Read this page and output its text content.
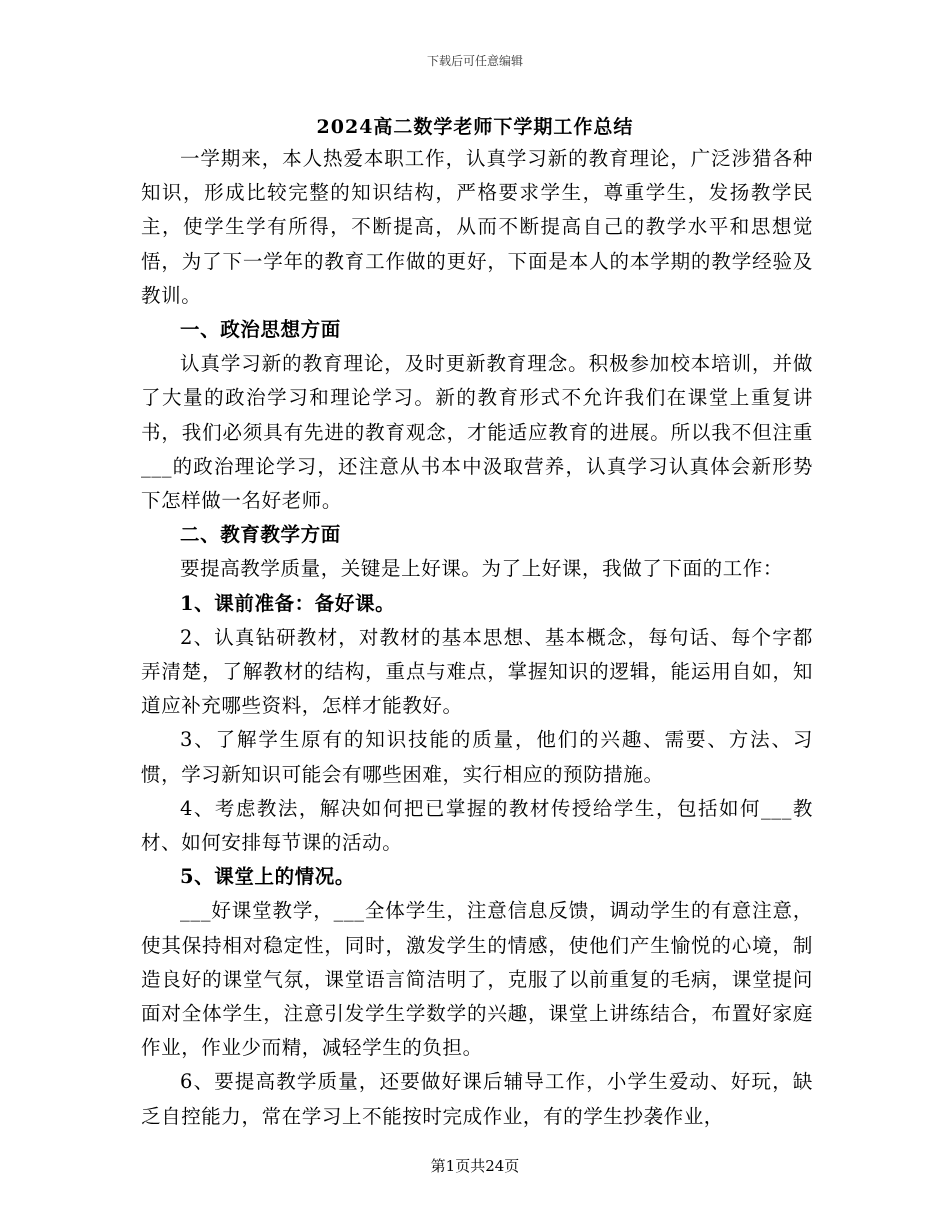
下载后可任意编辑
2024高二数学老师下学期工作总结

一学期来，本人热爱本职工作，认真学习新的教育理论，广泛涉猎各种知识，形成比较完整的知识结构，严格要求学生，尊重学生，发扬教学民主，使学生学有所得，不断提高，从而不断提高自己的教学水平和思想觉悟，为了下一学年的教育工作做的更好，下面是本人的本学期的教学经验及教训。

一、政治思想方面

认真学习新的教育理论，及时更新教育理念。积极参加校本培训，并做了大量的政治学习和理论学习。新的教育形式不允许我们在课堂上重复讲书，我们必须具有先进的教育观念，才能适应教育的进展。所以我不但注重___的政治理论学习，还注意从书本中汲取营养，认真学习认真体会新形势下怎样做一名好老师。

二、教育教学方面

要提高教学质量，关键是上好课。为了上好课，我做了下面的工作：

1、课前准备：备好课。

2、认真钻研教材，对教材的基本思想、基本概念，每句话、每个字都弄清楚，了解教材的结构，重点与难点，掌握知识的逻辑，能运用自如，知道应补充哪些资料，怎样才能教好。

3、了解学生原有的知识技能的质量，他们的兴趣、需要、方法、习惯，学习新知识可能会有哪些困难，实行相应的预防措施。

4、考虑教法，解决如何把已掌握的教材传授给学生，包括如何___教材、如何安排每节课的活动。

5、课堂上的情况。

___好课堂教学，___全体学生，注意信息反馈，调动学生的有意注意，使其保持相对稳定性，同时，激发学生的情感，使他们产生愉悦的心境，制造良好的课堂气氛，课堂语言简洁明了，克服了以前重复的毛病，课堂提问面对全体学生，注意引发学生学数学的兴趣，课堂上讲练结合，布置好家庭作业，作业少而精，减轻学生的负担。

6、要提高教学质量，还要做好课后辅导工作，小学生爱动、好玩，缺乏自控能力，常在学习上不能按时完成作业，有的学生抄袭作业，

第1页共24页
